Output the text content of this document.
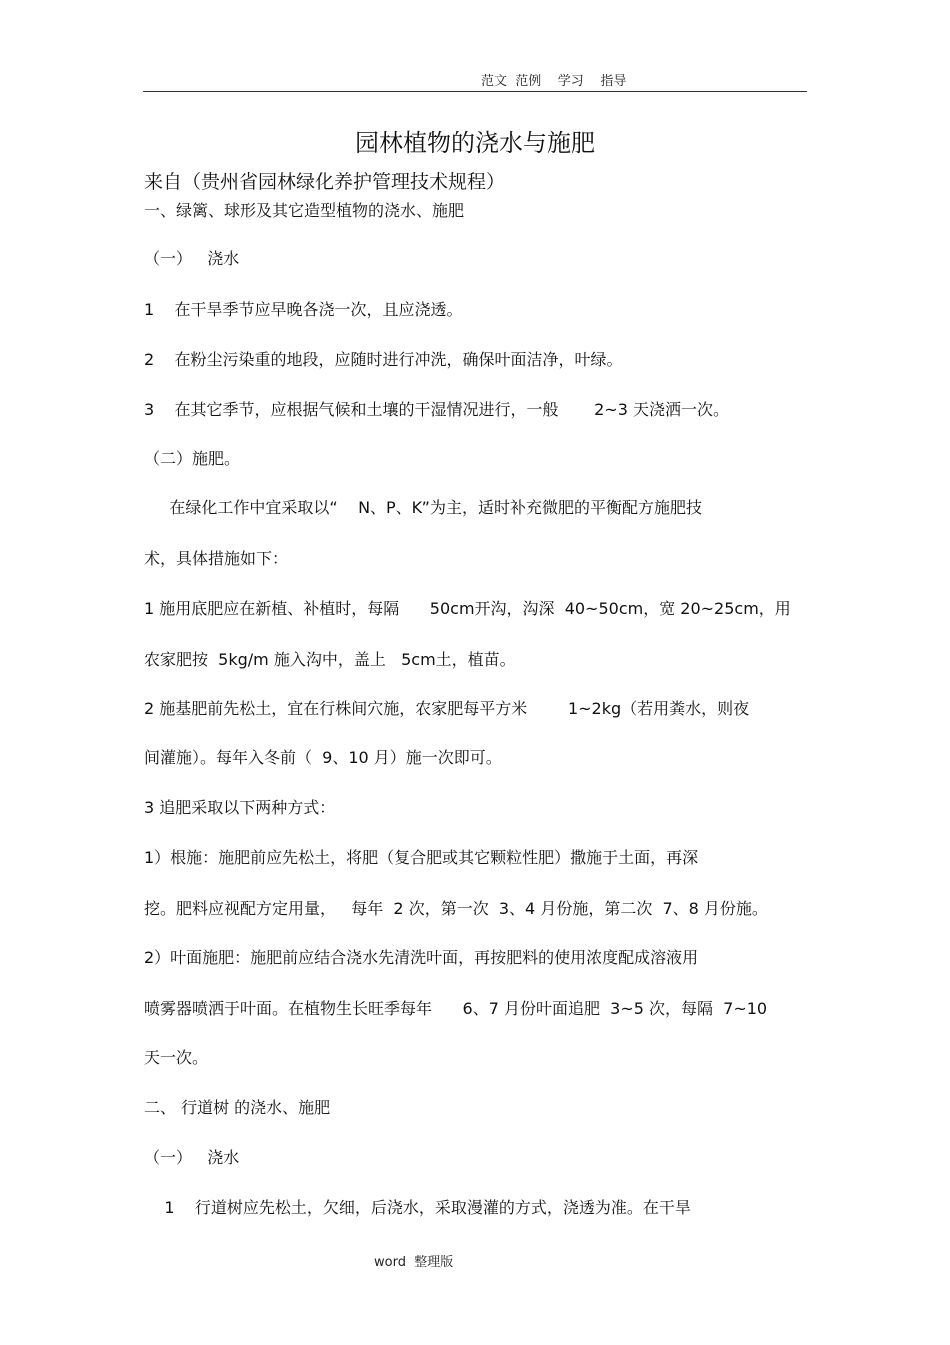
范文  范例    学习    指导
园林植物的浇水与施肥
来自（贵州省园林绿化养护管理技术规程）
一、绿篱、球形及其它造型植物的浇水、施肥
（一）   浇水
1    在干旱季节应早晚各浇一次，且应浇透。
2    在粉尘污染重的地段，应随时进行冲洗，确保叶面洁净，叶绿。
3    在其它季节，应根据气候和土壤的干湿情况进行，一般       2~3 天浇洒一次。
（二）施肥。
在绿化工作中宜采取以“    N、P、K”为主，适时补充微肥的平衡配方施肥技
术，具体措施如下：
1 施用底肥应在新植、补植时，每隔      50cm开沟，沟深  40~50cm，宽 20~25cm，用
农家肥按  5kg/m 施入沟中，盖上   5cm土，植苗。
2 施基肥前先松土，宜在行株间穴施，农家肥每平方米        1~2kg（若用粪水，则夜
间灌施）。每年入冬前（  9、10 月）施一次即可。
3 追肥采取以下两种方式：
1）根施：施肥前应先松土，将肥（复合肥或其它颗粒性肥）撒施于土面，再深
挖。肥料应视配方定用量，   每年  2 次，第一次  3、4 月份施，第二次  7、8 月份施。
2）叶面施肥：施肥前应结合浇水先清洗叶面，再按肥料的使用浓度配成溶液用
喷雾器喷洒于叶面。在植物生长旺季每年      6、7 月份叶面追肥  3~5 次，每隔  7~10
天一次。
二、 行道树 的浇水、施肥
（一）   浇水
1    行道树应先松土，欠细，后浇水，采取漫灌的方式，浇透为准。在干旱
word  整理版
